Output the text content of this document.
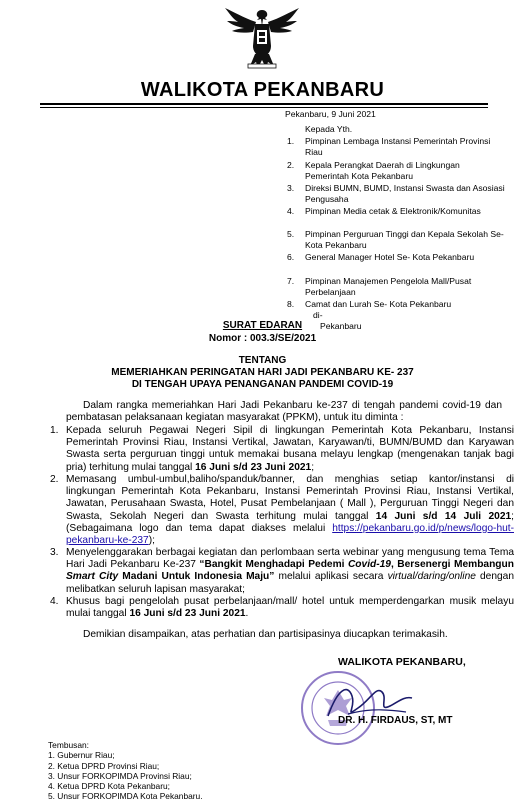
WALIKOTA PEKANBARU
Pekanbaru, 9 Juni 2021
Kepada Yth.
1. Pimpinan Lembaga Instansi Pemerintah Provinsi Riau
2. Kepala Perangkat Daerah di Lingkungan Pemerintah Kota Pekanbaru
3. Direksi BUMN, BUMD, Instansi Swasta dan Asosiasi Pengusaha
4. Pimpinan Media cetak & Elektronik/Komunitas
5. Pimpinan Perguruan Tinggi dan Kepala Sekolah Se- Kota Pekanbaru
6. General Manager Hotel Se- Kota Pekanbaru
7. Pimpinan Manajemen Pengelola Mall/Pusat Perbelanjaan
8. Camat dan Lurah Se- Kota Pekanbaru
di-
Pekanbaru
SURAT EDARAN
Nomor : 003.3/SE/2021
TENTANG
MEMERIAHKAN PERINGATAN HARI JADI PEKANBARU KE- 237
DI TENGAH UPAYA PENANGANAN PANDEMI COVID-19
Dalam rangka memeriahkan Hari Jadi Pekanbaru ke-237 di tengah pandemi covid-19 dan pembatasan pelaksanaan kegiatan masyarakat (PPKM), untuk itu diminta :
1. Kepada seluruh Pegawai Negeri Sipil di lingkungan Pemerintah Kota Pekanbaru, Instansi Pemerintah Provinsi Riau, Instansi Vertikal, Jawatan, Karyawan/ti, BUMN/BUMD dan Karyawan Swasta serta perguruan tinggi untuk memakai busana melayu lengkap (mengenakan tanjak bagi pria) terhitung mulai tanggal 16 Juni s/d 23 Juni 2021;
2. Memasang umbul-umbul,baliho/spanduk/banner, dan menghias setiap kantor/instansi di lingkungan Pemerintah Kota Pekanbaru, Instansi Pemerintah Provinsi Riau, Instansi Vertikal, Jawatan, Perusahaan Swasta, Hotel, Pusat Pembelanjaan ( Mall ), Perguruan Tinggi Negeri dan Swasta, Sekolah Negeri dan Swasta terhitung mulai tanggal 14 Juni s/d 14 Juli 2021; (Sebagaimana logo dan tema dapat diakses melalui https://pekanbaru.go.id/p/news/logo-hut-pekanbaru-ke-237);
3. Menyelenggarakan berbagai kegiatan dan perlombaan serta webinar yang mengusung tema Tema Hari Jadi Pekanbaru Ke-237 “Bangkit Menghadapi Pedemi Covid-19, Bersenergi Membangun Smart City Madani Untuk Indonesia Maju” melalui aplikasi secara virtual/daring/online dengan melibatkan seluruh lapisan masyarakat;
4. Khusus bagi pengelolah pusat perbelanjaan/mall/ hotel untuk memperdengarkan musik melayu mulai tanggal 16 Juni s/d 23 Juni 2021.
Demikian disampaikan, atas perhatian dan partisipasinya diucapkan terimakasih.
WALIKOTA PEKANBARU,
DR. H. FIRDAUS, ST, MT
Tembusan:
1. Gubernur Riau;
2. Ketua DPRD Provinsi Riau;
3. Unsur FORKOPIMDA Provinsi Riau;
4. Ketua DPRD Kota Pekanbaru;
5. Unsur FORKOPIMDA Kota Pekanbaru.
